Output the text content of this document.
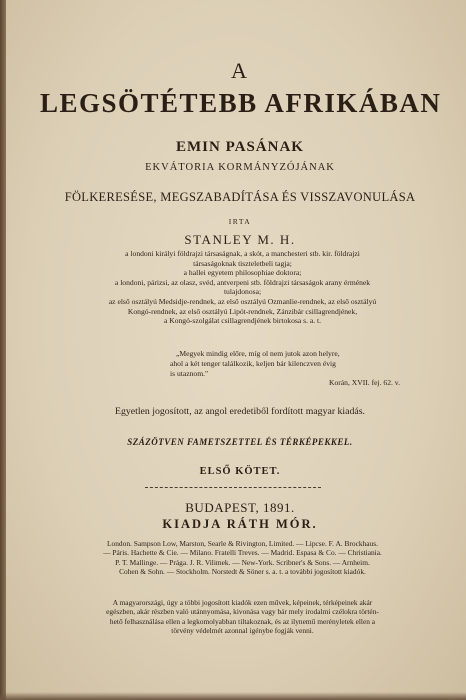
A
LEGSÖTÉTEBB AFRIKÁBAN
EMIN PASÁNAK
EKVÁTORIA KORMÁNYZÓJÁNAK
FÖLKERESÉSE, MEGSZABADÍTÁSA ÉS VISSZAVONULÁSA
IRTA
STANLEY M. H.
a londoni királyi földrajzi társaságnak, a skót, a manchesteri stb. kir. földrajzi
társaságoknak tiszteletbeli tagja;
a hallei egyetem philosophiae doktora;
a londoni, párizsi, az olasz, svéd, antverpeni stb. földrajzi társaságok arany érmének
tulajdonosa;
az első osztályú Medsidje-rendnek, az első osztályú Ozmanlie-rendnek, az első osztályú
Kongó-rendnek, az első osztályú Lipót-rendnek, Zánzibár csillagrendjének,
a Kongó-szolgálat csillagrendjének birtokosa s. a. t.
„Megyek mindig előre, míg ol nem jutok azon helyre,
ahol a két tenger találkozik, keljen bár kilenczven évig
is utaznom."
Korán, XVII. fej. 62. v.
Egyetlen jogosított, az angol eredetiből fordított magyar kiadás.
SZÁZÖTVEN FAMETSZETTEL ÉS TÉRKÉPEKKEL.
ELSŐ KÖTET.
BUDAPEST, 1891.
KIADJA RÁTH MÓR.
London. Sampson Low, Marston, Searle & Rivington, Limited. — Lipcse. F. A. Brockhaus.
— Páris. Hachette & Cie. — Milano. Fratelli Treves. — Madrid. Espasa & Co. — Christiania.
P. T. Mallinge. — Prága. J. R. Vilimek. — New-York. Scribner's & Sons. — Arnheim.
Cohen & Sohn. — Stockholm. Norstedt & Söner s. a. t. a további jogosított kiadók.
A magyarországi, úgy a többi jogosított kiadók ezen művek, képeinek, térképeinek akár
egészben, akár részben való utánnyomása, kivonása vagy bár mely irodalmi czélokra történ-
hető felhasználása ellen a legkomolyabban tiltakoznak, és az ilynemű merényletek ellen a
törvény védelmét azonnal igénybe fogják venni.
